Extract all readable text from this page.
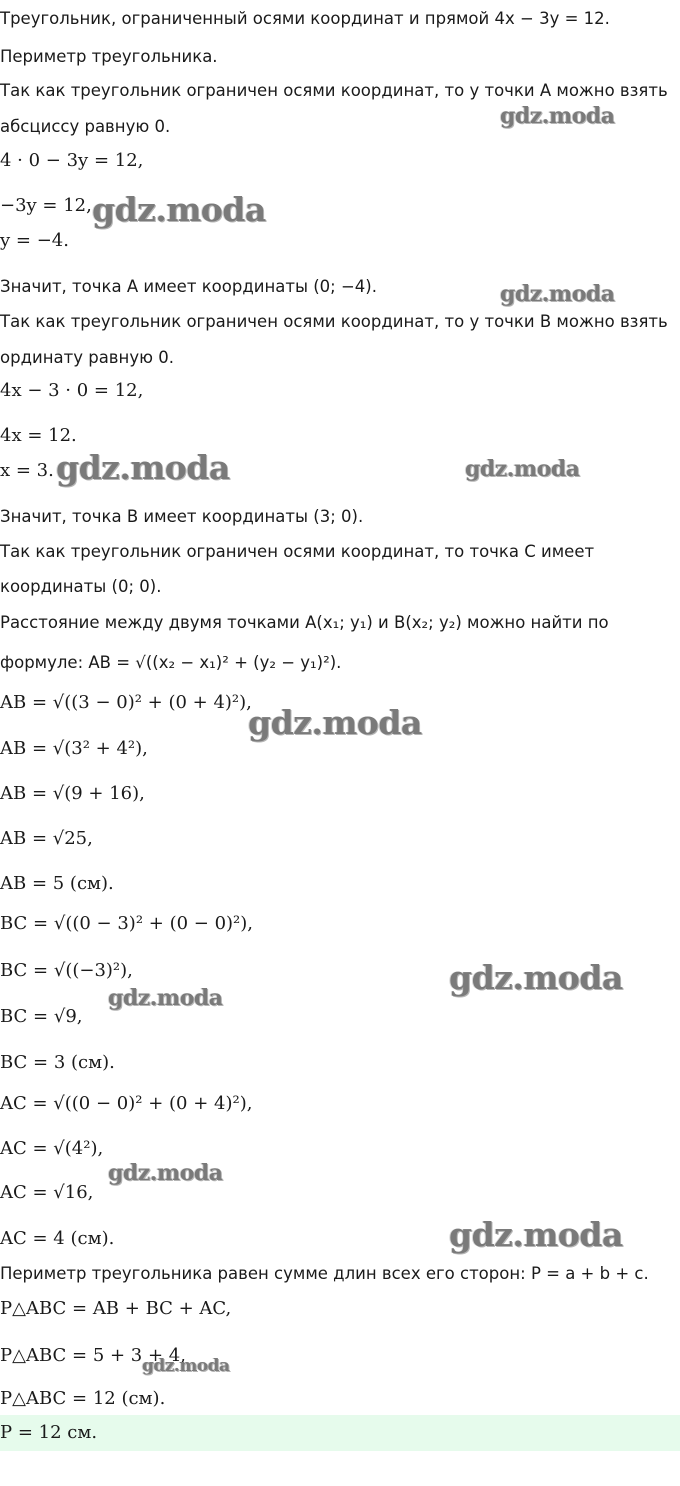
Треугольник, ограниченный осями координат и прямой 4x − 3y = 12.
Периметр треугольника.
Так как треугольник ограничен осями координат, то у точки A можно взять
абсциссу равную 0.
4 · 0 − 3y = 12,
−3y = 12,
y = −4.
Значит, точка A имеет координаты (0; −4).
Так как треугольник ограничен осями координат, то у точки B можно взять
ординату равную 0.
4x − 3 · 0 = 12,
4x = 12.
x = 3.
Значит, точка B имеет координаты (3; 0).
Так как треугольник ограничен осями координат, то точка C имеет
координаты (0; 0).
Расстояние между двумя точками A(x₁; y₁) и B(x₂; y₂) можно найти по
формуле: AB = √((x₂ − x₁)² + (y₂ − y₁)²).
AB = √((3 − 0)² + (0 + 4)²),
AB = √(3² + 4²),
AB = √(9 + 16),
AB = √25,
AB = 5 (см).
BC = √((0 − 3)² + (0 − 0)²),
BC = √((−3)²),
BC = √9,
BC = 3 (см).
AC = √((0 − 0)² + (0 + 4)²),
AC = √(4²),
AC = √16,
AC = 4 (см).
Периметр треугольника равен сумме длин всех его сторон: P = a + b + c.
P△ABC = AB + BC + AC,
P△ABC = 5 + 3 + 4,
P△ABC = 12 (см).
P = 12 см.
gdz.moda
gdz.moda
gdz.moda
gdz.moda	gdz.moda
gdz.moda
gdz.moda
gdz.moda
gdz.moda
gdz.moda
gdz.moda
